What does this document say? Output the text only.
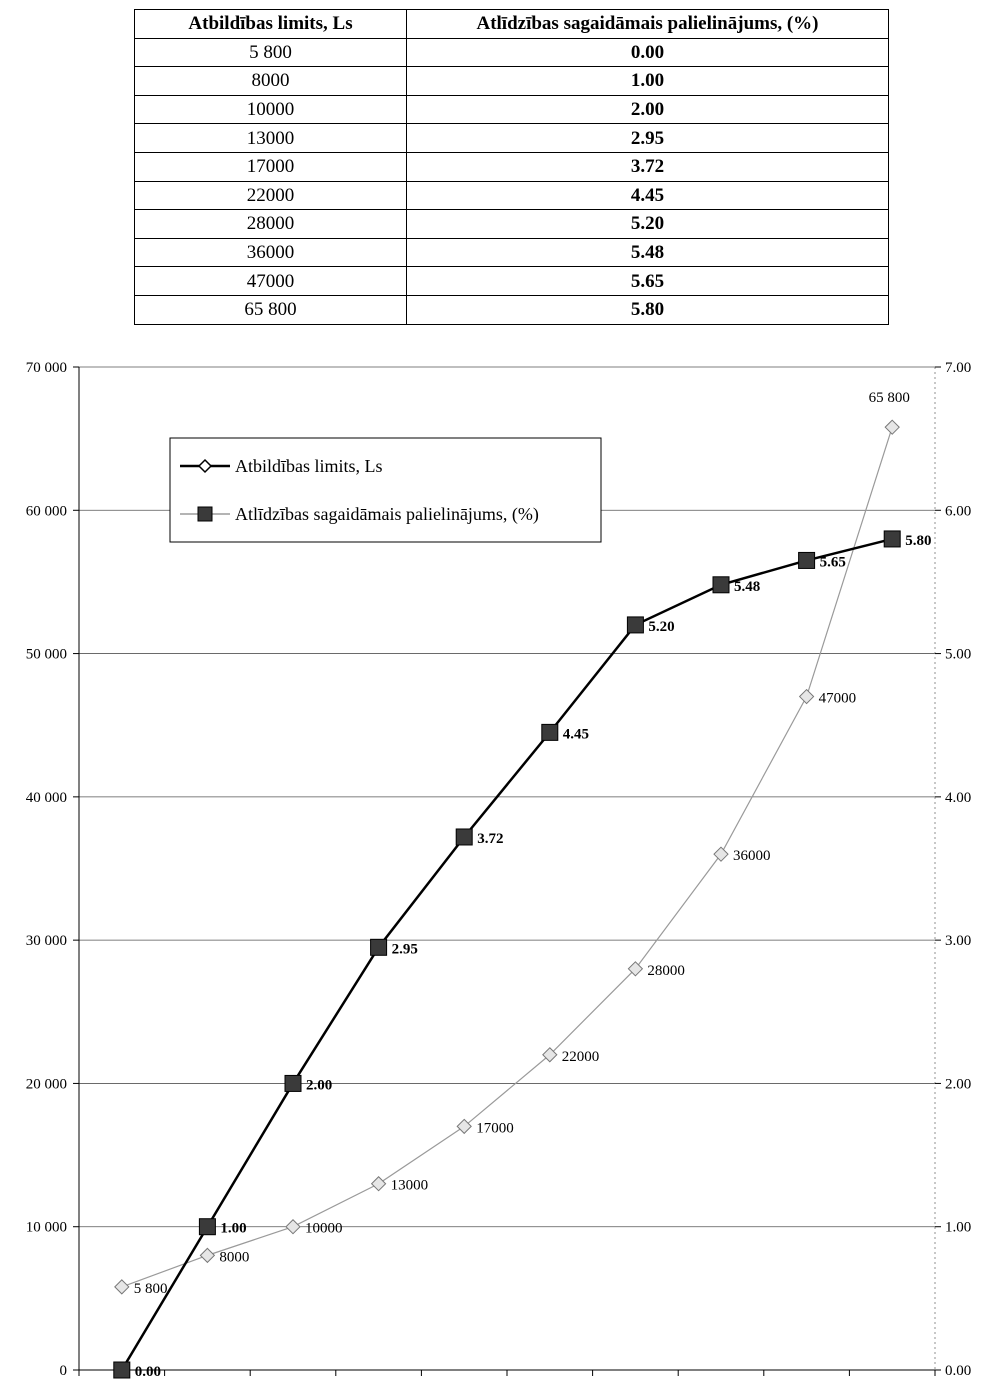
Atbildības limits, Ls	Atlīdzības sagaidāmais palielinājums, (%)
5 800	0.00
8000	1.00
10000	2.00
13000	2.95
17000	3.72
22000	4.45
28000	5.20
36000	5.48
47000	5.65
65 800	5.80
0
10 000
20 000
30 000
40 000
50 000
60 000
70 000
0.00
1.00
2.00
3.00
4.00
5.00
6.00
7.00
5 800
8000
10000
13000
17000
22000
28000
36000
47000
65 800
0.00
1.00
2.00
2.95
3.72
4.45
5.20
5.48
5.65
5.80
Atbildības limits, Ls
Atlīdzības sagaidāmais palielinājums, (%)
